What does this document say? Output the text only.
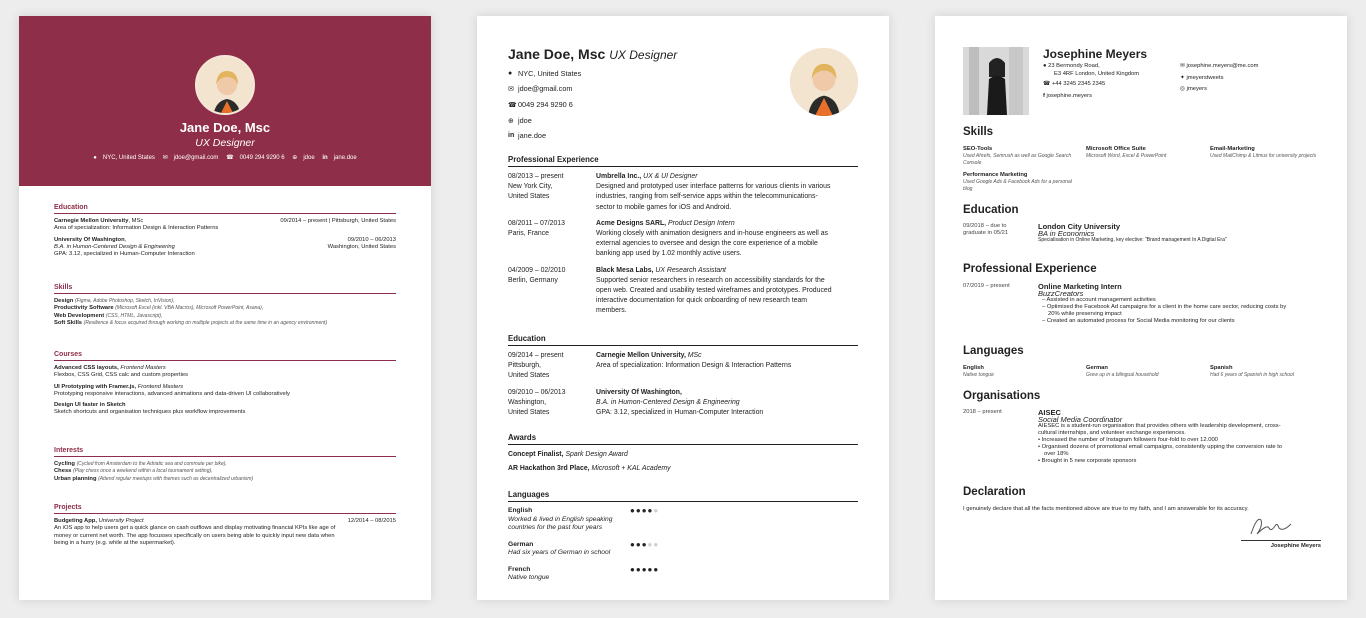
Jane Doe, Msc
UX Designer
● NYC, United States ✉ jdoe@gmail.com ☎ 0049 294 9290 6 ⊕ jdoe in jane.doe
Education
Carnegie Mellon University, MSc	09/2014 – present | Pittsburgh, United States
Area of specialization: Information Design & Interaction Patterns
University Of Washington,	09/2010 – 06/2013
B.A. in Humon-Centered Design & Engineering	Washington, United States
GPA: 3.12, specialized in Human-Computer Interaction
Skills
Design (Figma, Adobe Photoshop, Sketch, InVision),
Productivity Software (Microsoft Excel (inkl. VBA Macros), Microsoft PowerPoint, Asana),
Web Development (CSS, HTML, Javascript),
Soft Skills (Resilience & focus acquired through working on multiple projects at the same time in an agency environment)
Courses
Advanced CSS layouts, Frontend Masters
Flexbox, CSS Grid, CSS calc and custom properties
UI Prototyping with Framer.js, Frontend Masters
Prototyping responsive interactions, advanced animations and data-driven UI collaboratively
Design UI faster in Sketch
Sketch shortcuts and organisation techniques plus workflow improvements
Interests
Cycling (Cycled from Amsterdam to the Adriatic sea and commute per bike),
Chess (Play chess once a weekend within a local tournament setting),
Urban planning (Attend regular meetups with themes such as decentralized urbanism)
Projects
Budgeting App, University Project	12/2014 – 08/2015
An iOS app to help users get a quick glance on cash outflows and display motivating financial KPIs like age of
money or current net worth. The app focusses specifically on users being able to quickly input new data when
being in a hurry (e.g. while at the supermarket).
Jane Doe, Msc UX Designer
● NYC, United States
✉ jdoe@gmail.com
☎ 0049 294 9290 6
⊕ jdoe
in jane.doe
Professional Experience
08/2013 – present
New York City,
United States
Umbrella Inc., UX & UI Designer
Designed and prototyped user interface patterns for various clients in various
industries, ranging from self-service apps within the telecommunications-
sector to mobile games for iOS and Android.
08/2011 – 07/2013
Paris, France
Acme Designs SARL, Product Design Intern
Working closely with animation designers and in-house engineers as well as
external agencies to oversee and design the core experience of a mobile
banking app used by 1.02 monthly active users.
04/2009 – 02/2010
Berlin, Germany
Black Mesa Labs, UX Research Assistant
Supported senior researchers in research on accessibility standards for the
open web. Created and usability tested wireframes and prototypes. Produced
interactive documentation for quick onboarding of new research team
members.
Education
09/2014 – present
Pittsburgh,
United States
Carnegie Mellon University, MSc
Area of specialization: Information Design & Interaction Patterns
09/2010 – 06/2013
Washington,
United States
University Of Washington,
B.A. in Humon-Centered Design & Engineering
GPA: 3.12, specialized in Human-Computer Interaction
Awards
Concept Finalist,
Spark Design Award
AR Hackathon 3rd Place,
Microsoft + KAL Academy
Languages
English
Worked & lived in English speaking countries for the past four years
●●●●●
German
Had six years of German in school
●●●●●
French
Native tongue
●●●●●
Josephine Meyers
● 23 Bermondy Road,
E3 4RF London, United Kingdom
☎ +44 3245 2345 2345
f josephine.meyers
✉ josephine.meyers@me.com
✦ jmeyerstweets
◎ jmeyers
Skills
SEO-Tools
Used Ahrefs, Semrush as well as Google Search Console
Microsoft Office Suite
Microsoft Word, Excel & PowerPoint
Email-Marketing
Used MailChimp & Litmus for university projects
Performance Marketing
Used Google Ads & Facebook Ads for a personal blog
Education
09/2018 – due to
graduate in 05/21
London City University
BA in Economics
Specialisation in Online Marketing, key elective: "Brand management In A Digital Era"
Professional Experience
07/2019 – present	Online Marketing Intern
BuzzCreators
– Assisted in account management activities
– Optimised the Facebook Ad campaigns for a client in the home care sector, reducing costs by
20% while preserving impact
– Created an automated process for Social Media monitoring for our clients
Languages
English
Native tongue
German
Grew up in a bilingual household
Spanish
Had 6 years of Spanish in high school
Organisations
2018 – present	AISEC
Social Media Coordinator
AIESEC is a student-run organisation that provides others with leadership development, cross-
cultural internships, and volunteer exchange experiences.
• Increased the number of Instagram followers four-fold to over 12.000
• Organised dozens of promotional email campaigns, consistently upping the conversion rate to
over 18%
• Brought in 5 new corporate sponsors
Declaration
I genuinely declare that all the facts mentioned above are true to my faith, and I am answerable for its accuracy.
Josephine Meyers
